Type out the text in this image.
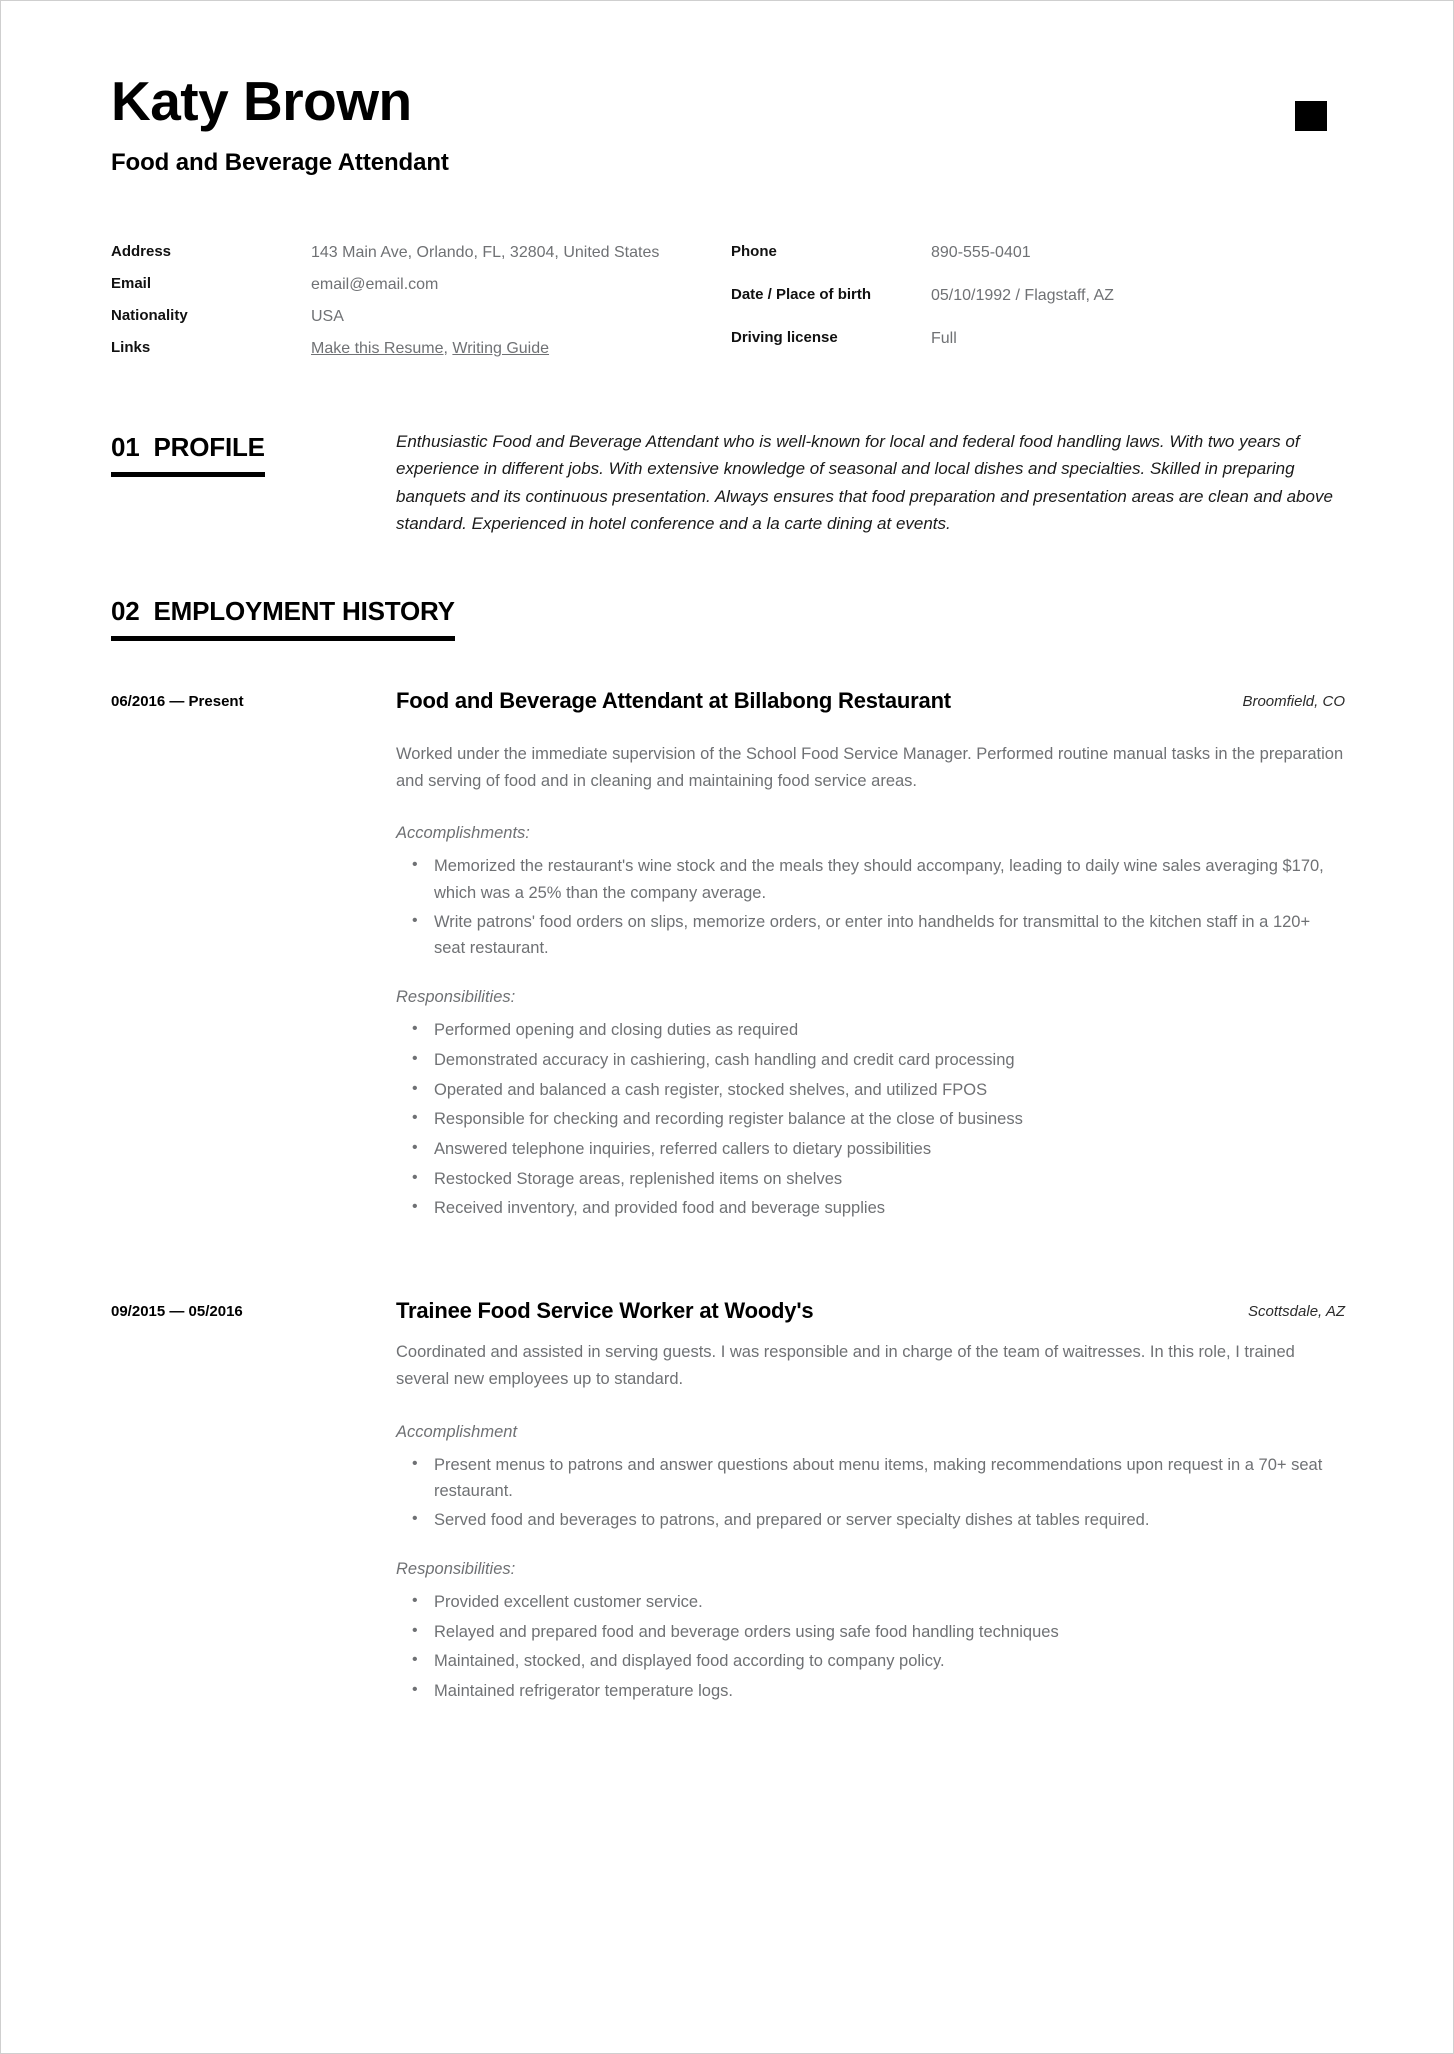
Katy Brown
Food and Beverage Attendant
Address	143 Main Ave, Orlando, FL, 32804, United States
Email	email@email.com
Nationality	USA
Links	Make this Resume, Writing Guide
Phone	890-555-0401
Date / Place of birth	05/10/1992 / Flagstaff, AZ
Driving license	Full
01 PROFILE	Enthusiastic Food and Beverage Attendant who is well-known for local and federal food handling laws. With two years of experience in different jobs. With extensive knowledge of seasonal and local dishes and specialties. Skilled in preparing banquets and its continuous presentation. Always ensures that food preparation and presentation areas are clean and above standard. Experienced in hotel conference and a la carte dining at events.

02 EMPLOYMENT HISTORY
06/2016 — Present	Food and Beverage Attendant at Billabong Restaurant	Broomfield, CO

Worked under the immediate supervision of the School Food Service Manager. Performed routine manual tasks in the preparation and serving of food and in cleaning and maintaining food service areas.

Accomplishments:

• Memorized the restaurant's wine stock and the meals they should accompany, leading to daily wine sales averaging $170, which was a 25% than the company average.
• Write patrons' food orders on slips, memorize orders, or enter into handhelds for transmittal to the kitchen staff in a 120+ seat restaurant.

Responsibilities:

• Performed opening and closing duties as required
• Demonstrated accuracy in cashiering, cash handling and credit card processing
• Operated and balanced a cash register, stocked shelves, and utilized FPOS
• Responsible for checking and recording register balance at the close of business
• Answered telephone inquiries, referred callers to dietary possibilities
• Restocked Storage areas, replenished items on shelves
• Received inventory, and provided food and beverage supplies
09/2015 — 05/2016	Trainee Food Service Worker at Woody's	Scottsdale, AZ

Coordinated and assisted in serving guests. I was responsible and in charge of the team of waitresses. In this role, I trained several new employees up to standard.

Accomplishment

• Present menus to patrons and answer questions about menu items, making recommendations upon request in a 70+ seat restaurant.
• Served food and beverages to patrons, and prepared or server specialty dishes at tables required.

Responsibilities:

• Provided excellent customer service.
• Relayed and prepared food and beverage orders using safe food handling techniques
• Maintained, stocked, and displayed food according to company policy.
• Maintained refrigerator temperature logs.
